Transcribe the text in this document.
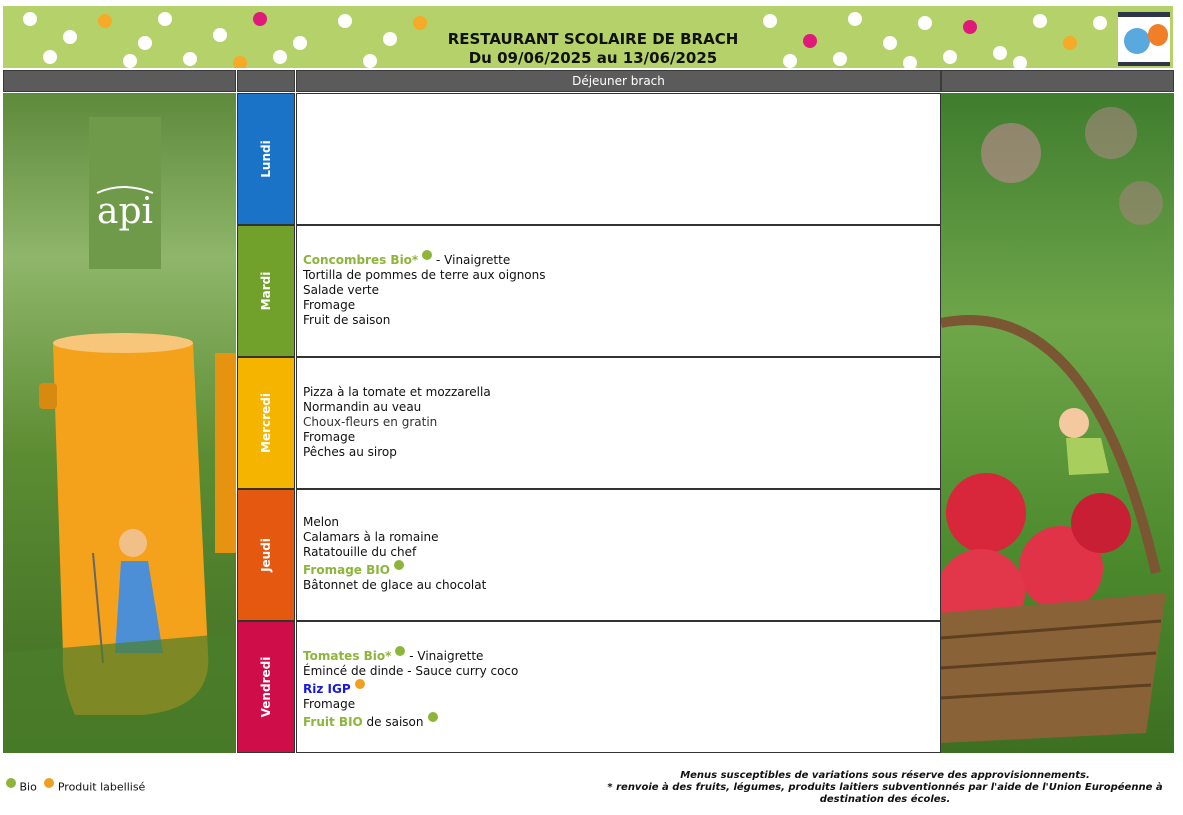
RESTAURANT SCOLAIRE DE BRACH
Du 09/06/2025 au 13/06/2025
Déjeuner brach
api
Lundi
Mardi
Concombres Bio* - Vinaigrette
Tortilla de pommes de terre aux oignons
Salade verte
Fromage
Fruit de saison
Mercredi
Pizza à la tomate et mozzarella
Normandin au veau
Choux-fleurs en gratin
Fromage
Pêches au sirop
Jeudi
Melon
Calamars à la romaine
Ratatouille du chef
Fromage BIO
Bâtonnet de glace au chocolat
Vendredi
Tomates Bio* - Vinaigrette
Émincé de dinde - Sauce curry coco
Riz IGP
Fromage
Fruit BIO de saison
Bio Produit labellisé
Menus susceptibles de variations sous réserve des approvisionnements.
* renvoie à des fruits, légumes, produits laitiers subventionnés par l'aide de l'Union Européenne à destination des écoles.
